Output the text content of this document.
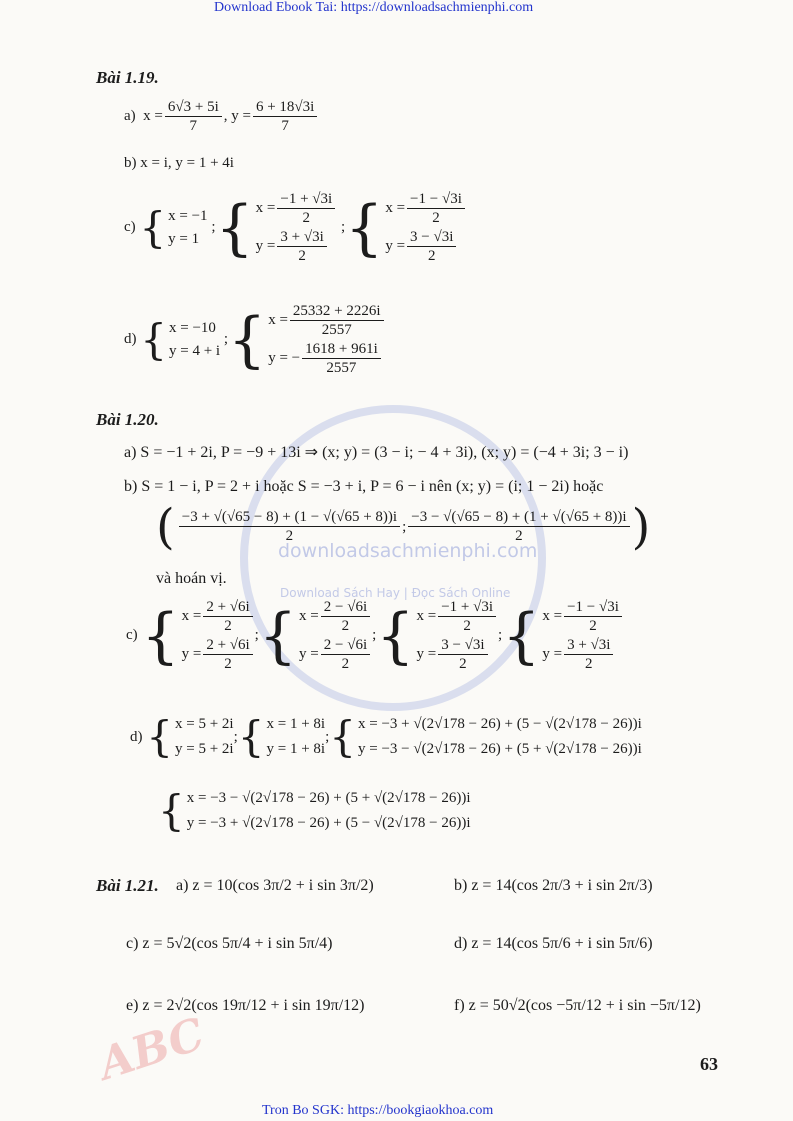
Download Ebook Tai: https://downloadsachmienphi.com
Tron Bo SGK: https://bookgiaokhoa.com
downloadsachmienphi.com
Download Sách Hay | Đọc Sách Online
ABC
Bài 1.19.
a)
$x = \frac{6√3 + 5i}{7}$ , $y = \frac{6 + 18√3i}{7}$
b) x = i, y = 1 + 4i
c)
{ x = −1
y = 1
; { $x = \frac{-1 + √3i}{2}$
$y = \frac{3 + √3i}{2}$
; { $x = \frac{-1 - √3i}{2}$
$y = \frac{3 - √3i}{2}$
d)
{ x = −10
y = 4 + i
; { $x = \frac{25332 + 2226i}{2557}$
y = − $\frac{1618 + 961i}{2557}$
Bài 1.20.
a) S = −1 + 2i, P = −9 + 13i ⇒ (x; y) = (3 − i; − 4 + 3i), (x; y) = (−4 + 3i; 3 − i)
b) S = 1 − i, P = 2 + i hoặc S = −3 + i, P = 6 − i nên (x; y) = (i; 1 − 2i) hoặc
( $\frac{-3 + √(√65 - 8) + (1 - √(√65 + 8))i}{2}$ ; $\frac{-3 - √(√65 - 8) + (1 + √(√65 + 8))i}{2}$ )
và hoán vị.
c)
{ $x = \frac{2 + √6i}{2}$
$y = \frac{2 + √6i}{2}$
; { $x = \frac{2 - √6i}{2}$
$y = \frac{2 - √6i}{2}$
; { $x = \frac{-1 + √3i}{2}$
$y = \frac{3 - √3i}{2}$
; { $x = \frac{-1 - √3i}{2}$
$y = \frac{3 + √3i}{2}$
d)
{ x = 5 + 2i
y = 5 + 2i
; { x = 1 + 8i
y = 1 + 8i
; { x = −3 + √(2√178 − 26) + (5 − √(2√178 − 26))i
y = −3 − √(2√178 − 26) + (5 + √(2√178 − 26))i
{ x = −3 − √(2√178 − 26) + (5 + √(2√178 − 26))i
y = −3 + √(2√178 − 26) + (5 − √(2√178 − 26))i
Bài 1.21. a) z = 10(cos 3π/2 + i sin 3π/2)	b) z = 14(cos 2π/3 + i sin 2π/3)
c) z = 5√2(cos 5π/4 + i sin 5π/4)	d) z = 14(cos 5π/6 + i sin 5π/6)
e) z = 2√2(cos 19π/12 + i sin 19π/12)	f) z = 50√2(cos −5π/12 + i sin −5π/12)
63
